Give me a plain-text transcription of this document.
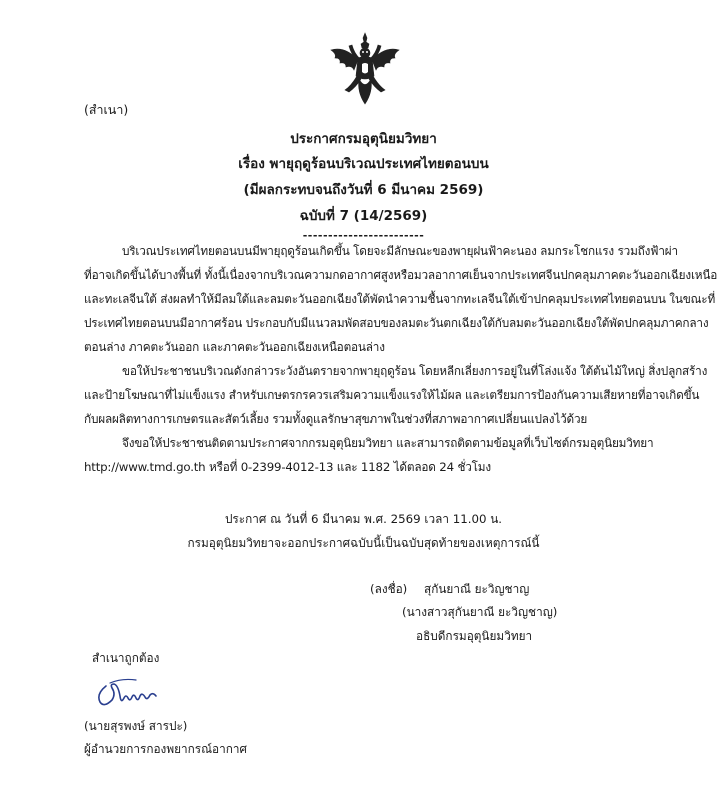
(สำเนา)
ประกาศกรมอุตุนิยมวิทยา
เรื่อง พายุฤดูร้อนบริเวณประเทศไทยตอนบน
(มีผลกระทบจนถึงวันที่ 6 มีนาคม 2569)
ฉบับที่ 7 (14/2569)
------------------------
บริเวณประเทศไทยตอนบนมีพายุฤดูร้อนเกิดขึ้น โดยจะมีลักษณะของพายุฝนฟ้าคะนอง ลมกระโชกแรง รวมถึงฟ้าผ่า
ที่อาจเกิดขึ้นได้บางพื้นที่ ทั้งนี้เนื่องจากบริเวณความกดอากาศสูงหรือมวลอากาศเย็นจากประเทศจีนปกคลุมภาคตะวันออกเฉียงเหนือ
และทะเลจีนใต้ ส่งผลทำให้มีลมใต้และลมตะวันออกเฉียงใต้พัดนำความชื้นจากทะเลจีนใต้เข้าปกคลุมประเทศไทยตอนบน ในขณะที่
ประเทศไทยตอนบนมีอากาศร้อน ประกอบกับมีแนวลมพัดสอบของลมตะวันตกเฉียงใต้กับลมตะวันออกเฉียงใต้พัดปกคลุมภาคกลาง
ตอนล่าง ภาคตะวันออก และภาคตะวันออกเฉียงเหนือตอนล่าง
ขอให้ประชาชนบริเวณดังกล่าวระวังอันตรายจากพายุฤดูร้อน โดยหลีกเลี่ยงการอยู่ในที่โล่งแจ้ง ใต้ต้นไม้ใหญ่ สิ่งปลูกสร้าง
และป้ายโฆษณาที่ไม่แข็งแรง สำหรับเกษตรกรควรเสริมความแข็งแรงให้ไม้ผล และเตรียมการป้องกันความเสียหายที่อาจเกิดขึ้น
กับผลผลิตทางการเกษตรและสัตว์เลี้ยง รวมทั้งดูแลรักษาสุขภาพในช่วงที่สภาพอากาศเปลี่ยนแปลงไว้ด้วย
จึงขอให้ประชาชนติดตามประกาศจากกรมอุตุนิยมวิทยา และสามารถติดตามข้อมูลที่เว็บไซต์กรมอุตุนิยมวิทยา
http://www.tmd.go.th หรือที่ 0-2399-4012-13 และ 1182 ได้ตลอด 24 ชั่วโมง
ประกาศ ณ วันที่ 6 มีนาคม พ.ศ. 2569 เวลา 11.00 น.
กรมอุตุนิยมวิทยาจะออกประกาศฉบับนี้เป็นฉบับสุดท้ายของเหตุการณ์นี้
(ลงชื่อ) สุกันยาณี ยะวิญชาญ
(นางสาวสุกันยาณี ยะวิญชาญ)
อธิบดีกรมอุตุนิยมวิทยา
สำเนาถูกต้อง
(นายสุรพงษ์ สารปะ)
ผู้อำนวยการกองพยากรณ์อากาศ
